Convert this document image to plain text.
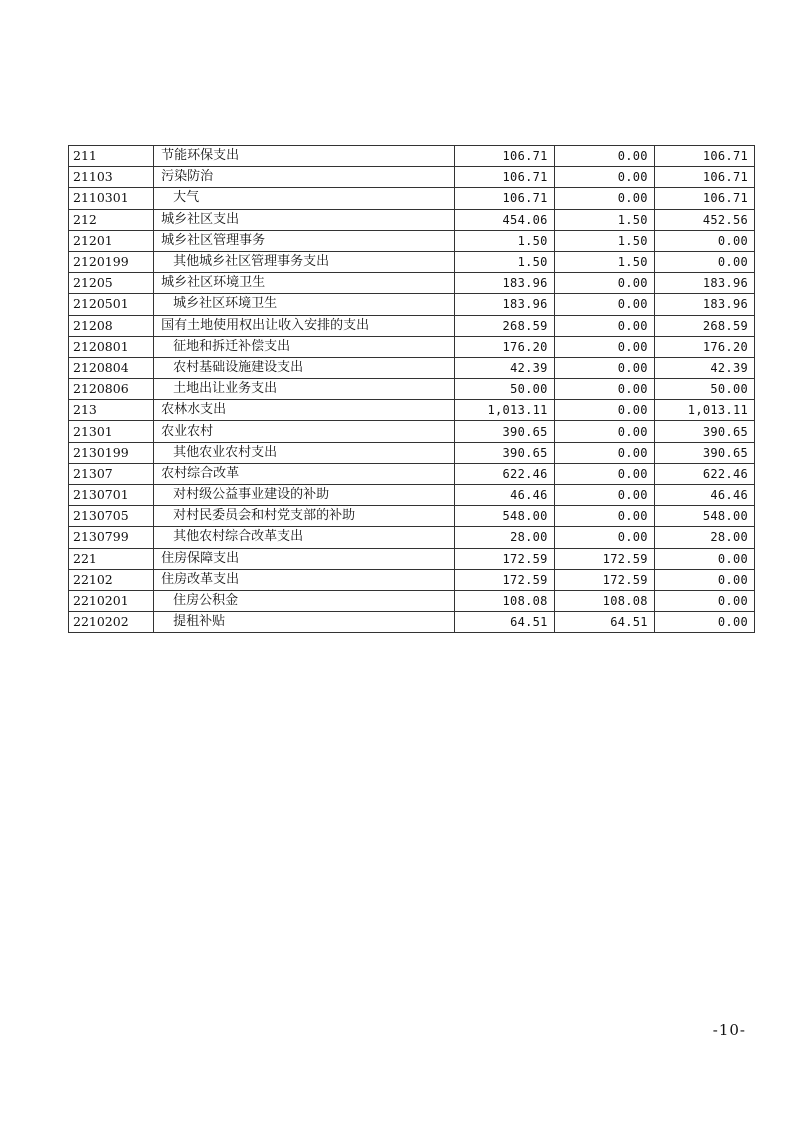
211	节能环保支出	106.71	0.00	106.71
21103	污染防治	106.71	0.00	106.71
2110301	大气	106.71	0.00	106.71
212	城乡社区支出	454.06	1.50	452.56
21201	城乡社区管理事务	1.50	1.50	0.00
2120199	其他城乡社区管理事务支出	1.50	1.50	0.00
21205	城乡社区环境卫生	183.96	0.00	183.96
2120501	城乡社区环境卫生	183.96	0.00	183.96
21208	国有土地使用权出让收入安排的支出	268.59	0.00	268.59
2120801	征地和拆迁补偿支出	176.20	0.00	176.20
2120804	农村基础设施建设支出	42.39	0.00	42.39
2120806	土地出让业务支出	50.00	0.00	50.00
213	农林水支出	1,013.11	0.00	1,013.11
21301	农业农村	390.65	0.00	390.65
2130199	其他农业农村支出	390.65	0.00	390.65
21307	农村综合改革	622.46	0.00	622.46
2130701	对村级公益事业建设的补助	46.46	0.00	46.46
2130705	对村民委员会和村党支部的补助	548.00	0.00	548.00
2130799	其他农村综合改革支出	28.00	0.00	28.00
221	住房保障支出	172.59	172.59	0.00
22102	住房改革支出	172.59	172.59	0.00
2210201	住房公积金	108.08	108.08	0.00
2210202	提租补贴	64.51	64.51	0.00
-10-
